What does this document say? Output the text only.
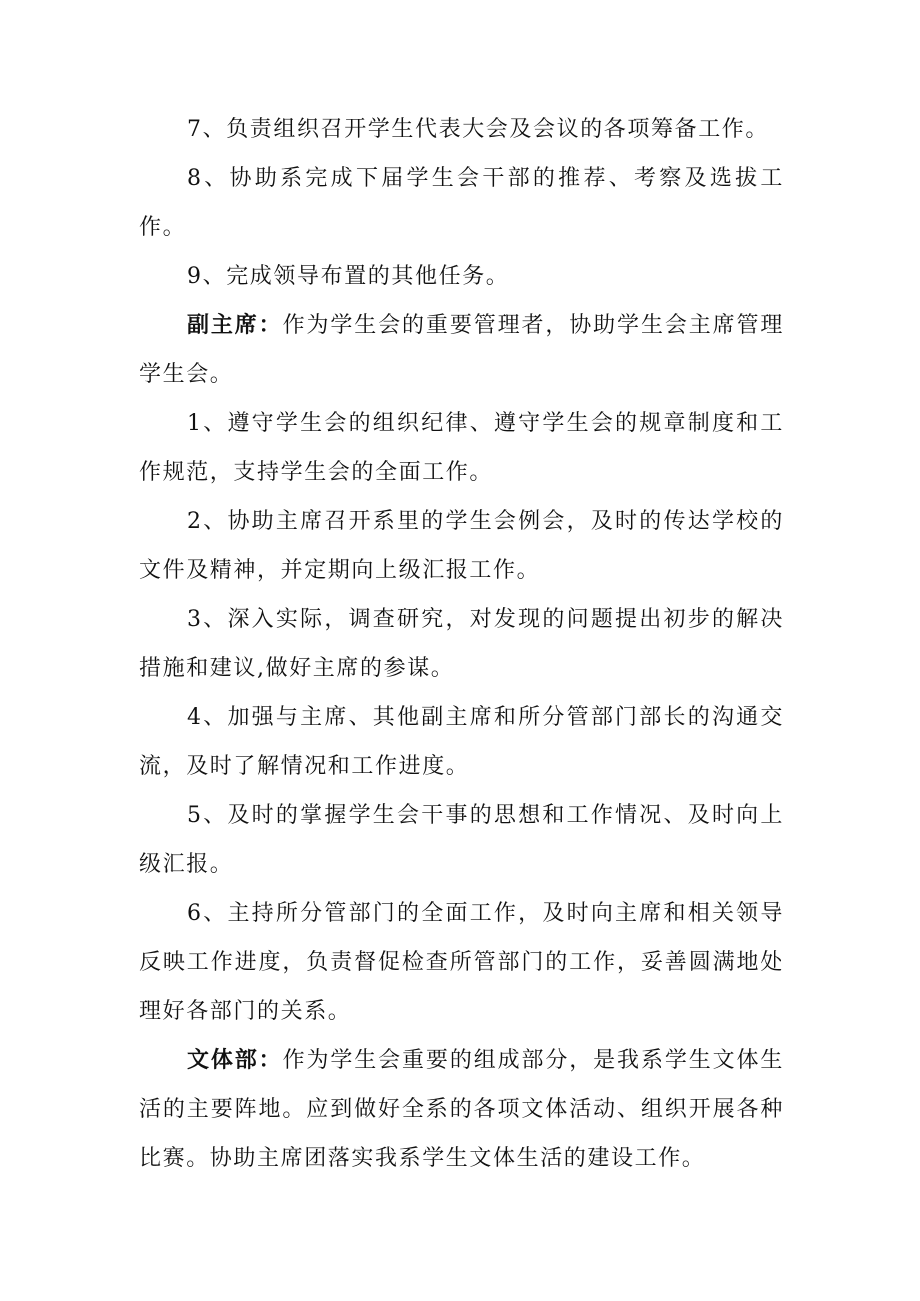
7、负责组织召开学生代表大会及会议的各项筹备工作。

8、协助系完成下届学生会干部的推荐、考察及选拔工作。

9、完成领导布置的其他任务。

副主席：作为学生会的重要管理者，协助学生会主席管理学生会。

1、遵守学生会的组织纪律、遵守学生会的规章制度和工作规范，支持学生会的全面工作。

2、协助主席召开系里的学生会例会，及时的传达学校的文件及精神，并定期向上级汇报工作。

3、深入实际，调查研究，对发现的问题提出初步的解决措施和建议,做好主席的参谋。

4、加强与主席、其他副主席和所分管部门部长的沟通交流，及时了解情况和工作进度。

5、及时的掌握学生会干事的思想和工作情况、及时向上级汇报。

6、主持所分管部门的全面工作，及时向主席和相关领导反映工作进度，负责督促检查所管部门的工作，妥善圆满地处理好各部门的关系。

文体部：作为学生会重要的组成部分，是我系学生文体生活的主要阵地。应到做好全系的各项文体活动、组织开展各种比赛。协助主席团落实我系学生文体生活的建设工作。
